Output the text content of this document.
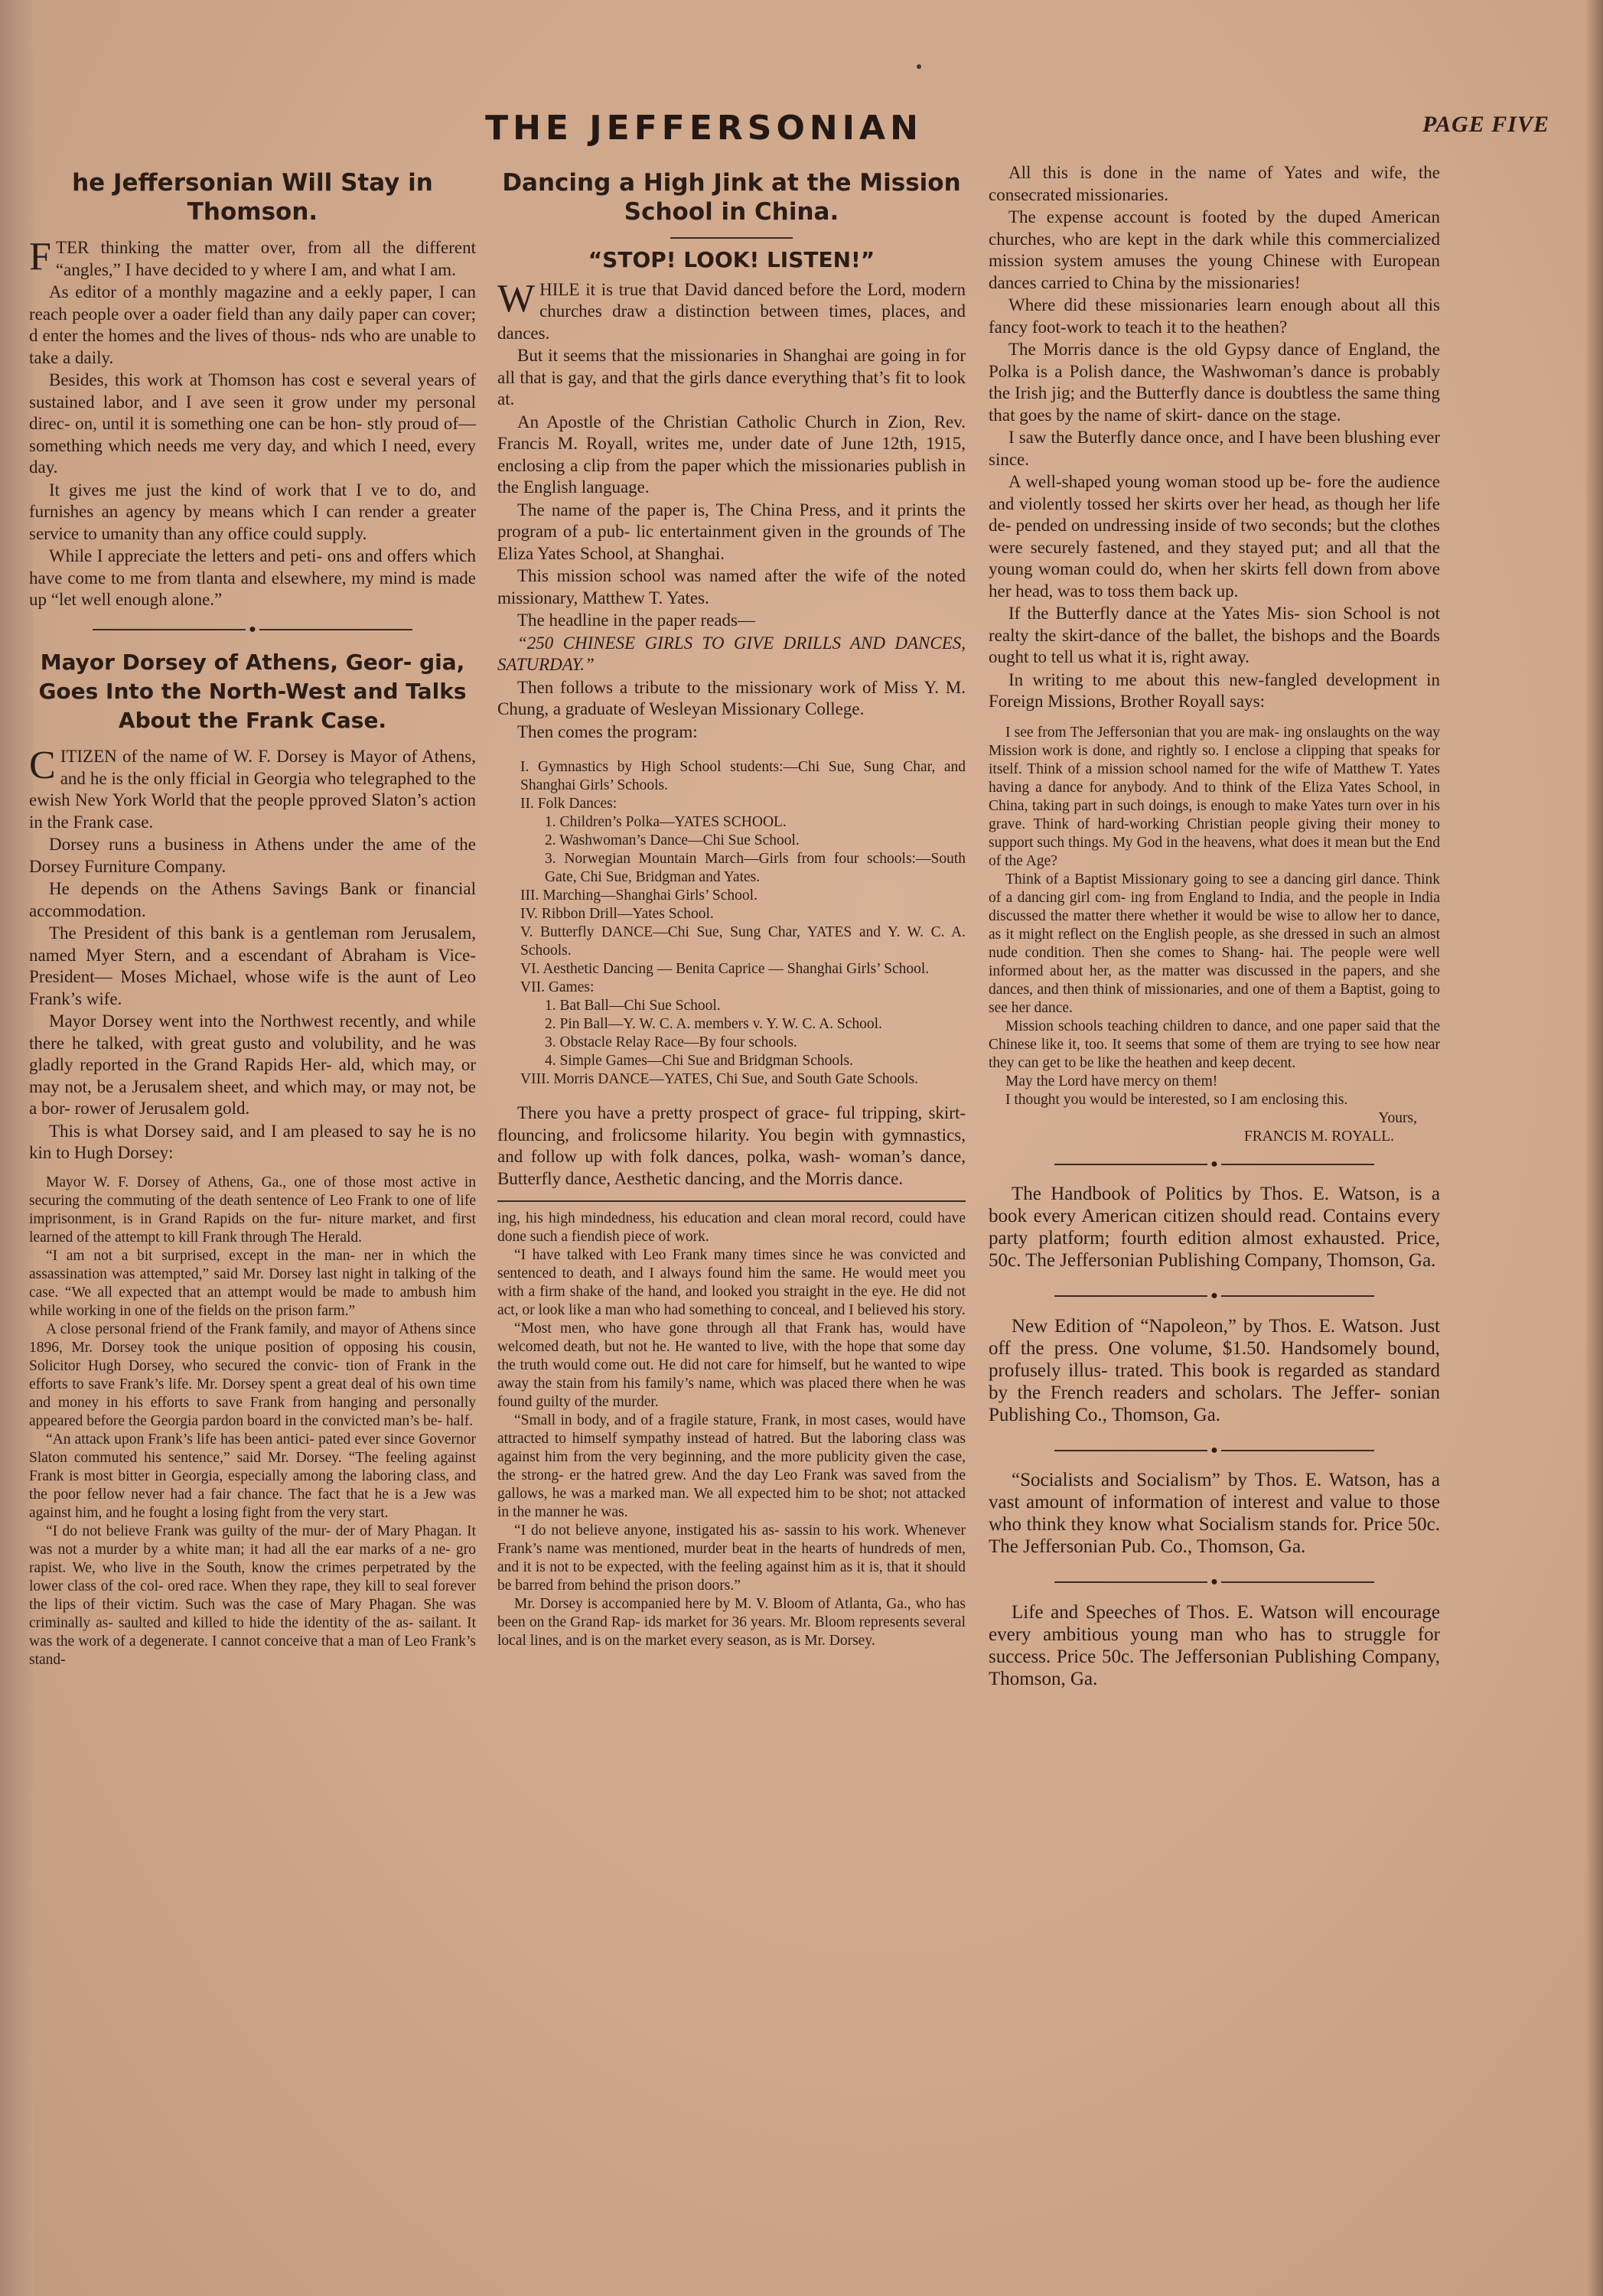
THE JEFFERSONIAN	PAGE FIVE
he Jeffersonian Will Stay in Thomson.

FTER thinking the matter over, from all the different “angles,” I have decided to y where I am, and what I am.

As editor of a monthly magazine and a eekly paper, I can reach people over a oader field than any daily paper can cover; d enter the homes and the lives of thous- nds who are unable to take a daily.

Besides, this work at Thomson has cost e several years of sustained labor, and I ave seen it grow under my personal direc- on, until it is something one can be hon- stly proud of—something which needs me very day, and which I need, every day.

It gives me just the kind of work that I ve to do, and furnishes an agency by means which I can render a greater service to umanity than any office could supply.

While I appreciate the letters and peti- ons and offers which have come to me from tlanta and elsewhere, my mind is made up “let well enough alone.”

●
Mayor Dorsey of Athens, Geor- gia, Goes Into the North-West and Talks About the Frank Case.

CITIZEN of the name of W. F. Dorsey is Mayor of Athens, and he is the only fficial in Georgia who telegraphed to the ewish New York World that the people pproved Slaton’s action in the Frank case.

Dorsey runs a business in Athens under the ame of the Dorsey Furniture Company.

He depends on the Athens Savings Bank or financial accommodation.

The President of this bank is a gentleman rom Jerusalem, named Myer Stern, and a escendant of Abraham is Vice-President— Moses Michael, whose wife is the aunt of Leo Frank’s wife.

Mayor Dorsey went into the Northwest recently, and while there he talked, with great gusto and volubility, and he was gladly reported in the Grand Rapids Her- ald, which may, or may not, be a Jerusalem sheet, and which may, or may not, be a bor- rower of Jerusalem gold.

This is what Dorsey said, and I am pleased to say he is no kin to Hugh Dorsey:

Mayor W. F. Dorsey of Athens, Ga., one of those most active in securing the commuting of the death sentence of Leo Frank to one of life imprisonment, is in Grand Rapids on the fur- niture market, and first learned of the attempt to kill Frank through The Herald.

“I am not a bit surprised, except in the man- ner in which the assassination was attempted,” said Mr. Dorsey last night in talking of the case. “We all expected that an attempt would be made to ambush him while working in one of the fields on the prison farm.”

A close personal friend of the Frank family, and mayor of Athens since 1896, Mr. Dorsey took the unique position of opposing his cousin, Solicitor Hugh Dorsey, who secured the convic- tion of Frank in the efforts to save Frank’s life. Mr. Dorsey spent a great deal of his own time and money in his efforts to save Frank from hanging and personally appeared before the Georgia pardon board in the convicted man’s be- half.

“An attack upon Frank’s life has been antici- pated ever since Governor Slaton commuted his sentence,” said Mr. Dorsey. “The feeling against Frank is most bitter in Georgia, especially among the laboring class, and the poor fellow never had a fair chance. The fact that he is a Jew was against him, and he fought a losing fight from the very start.

“I do not believe Frank was guilty of the mur- der of Mary Phagan. It was not a murder by a white man; it had all the ear marks of a ne- gro rapist. We, who live in the South, know the crimes perpetrated by the lower class of the col- ored race. When they rape, they kill to seal forever the lips of their victim. Such was the case of Mary Phagan. She was criminally as- saulted and killed to hide the identity of the as- sailant. It was the work of a degenerate. I cannot conceive that a man of Leo Frank’s stand-

Dancing a High Jink at the Mission School in China.
“STOP! LOOK! LISTEN!”

WHILE it is true that David danced before the Lord, modern churches draw a distinction between times, places, and dances.

But it seems that the missionaries in Shanghai are going in for all that is gay, and that the girls dance everything that’s fit to look at.

An Apostle of the Christian Catholic Church in Zion, Rev. Francis M. Royall, writes me, under date of June 12th, 1915, enclosing a clip from the paper which the missionaries publish in the English language.

The name of the paper is, The China Press, and it prints the program of a pub- lic entertainment given in the grounds of The Eliza Yates School, at Shanghai.

This mission school was named after the wife of the noted missionary, Matthew T. Yates.

The headline in the paper reads—

“250 CHINESE GIRLS TO GIVE DRILLS AND DANCES, SATURDAY.”

Then follows a tribute to the missionary work of Miss Y. M. Chung, a graduate of Wesleyan Missionary College.

Then comes the program:

I. Gymnastics by High School students:—Chi Sue, Sung Char, and Shanghai Girls’ Schools.
II. Folk Dances:
1. Children’s Polka—YATES SCHOOL.
2. Washwoman’s Dance—Chi Sue School.
3. Norwegian Mountain March—Girls from four schools:—South Gate, Chi Sue, Bridgman and Yates.
III. Marching—Shanghai Girls’ School.
IV. Ribbon Drill—Yates School.
V. Butterfly DANCE—Chi Sue, Sung Char, YATES and Y. W. C. A. Schools.
VI. Aesthetic Dancing — Benita Caprice — Shanghai Girls’ School.
VII. Games:
1. Bat Ball—Chi Sue School.
2. Pin Ball—Y. W. C. A. members v. Y. W. C. A. School.
3. Obstacle Relay Race—By four schools.
4. Simple Games—Chi Sue and Bridgman Schools.
VIII. Morris DANCE—YATES, Chi Sue, and South Gate Schools.

There you have a pretty prospect of grace- ful tripping, skirt-flouncing, and frolicsome hilarity. You begin with gymnastics, and follow up with folk dances, polka, wash- woman’s dance, Butterfly dance, Aesthetic dancing, and the Morris dance.

ing, his high mindedness, his education and clean moral record, could have done such a fiendish piece of work.

“I have talked with Leo Frank many times since he was convicted and sentenced to death, and I always found him the same. He would meet you with a firm shake of the hand, and looked you straight in the eye. He did not act, or look like a man who had something to conceal, and I believed his story.

“Most men, who have gone through all that Frank has, would have welcomed death, but not he. He wanted to live, with the hope that some day the truth would come out. He did not care for himself, but he wanted to wipe away the stain from his family’s name, which was placed there when he was found guilty of the murder.

“Small in body, and of a fragile stature, Frank, in most cases, would have attracted to himself sympathy instead of hatred. But the laboring class was against him from the very beginning, and the more publicity given the case, the strong- er the hatred grew. And the day Leo Frank was saved from the gallows, he was a marked man. We all expected him to be shot; not attacked in the manner he was.

“I do not believe anyone, instigated his as- sassin to his work. Whenever Frank’s name was mentioned, murder beat in the hearts of hundreds of men, and it is not to be expected, with the feeling against him as it is, that it should be barred from behind the prison doors.”

Mr. Dorsey is accompanied here by M. V. Bloom of Atlanta, Ga., who has been on the Grand Rap- ids market for 36 years. Mr. Bloom represents several local lines, and is on the market every season, as is Mr. Dorsey.

All this is done in the name of Yates and wife, the consecrated missionaries.

The expense account is footed by the duped American churches, who are kept in the dark while this commercialized mission system amuses the young Chinese with European dances carried to China by the missionaries!

Where did these missionaries learn enough about all this fancy foot-work to teach it to the heathen?

The Morris dance is the old Gypsy dance of England, the Polka is a Polish dance, the Washwoman’s dance is probably the Irish jig; and the Butterfly dance is doubtless the same thing that goes by the name of skirt- dance on the stage.

I saw the Buterfly dance once, and I have been blushing ever since.

A well-shaped young woman stood up be- fore the audience and violently tossed her skirts over her head, as though her life de- pended on undressing inside of two seconds; but the clothes were securely fastened, and they stayed put; and all that the young woman could do, when her skirts fell down from above her head, was to toss them back up.

If the Butterfly dance at the Yates Mis- sion School is not realty the skirt-dance of the ballet, the bishops and the Boards ought to tell us what it is, right away.

In writing to me about this new-fangled development in Foreign Missions, Brother Royall says:

I see from The Jeffersonian that you are mak- ing onslaughts on the way Mission work is done, and rightly so. I enclose a clipping that speaks for itself. Think of a mission school named for the wife of Matthew T. Yates having a dance for anybody. And to think of the Eliza Yates School, in China, taking part in such doings, is enough to make Yates turn over in his grave. Think of hard-working Christian people giving their money to support such things. My God in the heavens, what does it mean but the End of the Age?

Think of a Baptist Missionary going to see a dancing girl dance. Think of a dancing girl com- ing from England to India, and the people in India discussed the matter there whether it would be wise to allow her to dance, as it might reflect on the English people, as she dressed in such an almost nude condition. Then she comes to Shang- hai. The people were well informed about her, as the matter was discussed in the papers, and she dances, and then think of missionaries, and one of them a Baptist, going to see her dance.

Mission schools teaching children to dance, and one paper said that the Chinese like it, too. It seems that some of them are trying to see how near they can get to be like the heathen and keep decent.

May the Lord have mercy on them!

I thought you would be interested, so I am enclosing this.

Yours,
FRANCIS M. ROYALL.
●

The Handbook of Politics by Thos. E. Watson, is a book every American citizen should read. Contains every party platform; fourth edition almost exhausted. Price, 50c. The Jeffersonian Publishing Company, Thomson, Ga.

●

New Edition of “Napoleon,” by Thos. E. Watson. Just off the press. One volume, $1.50. Handsomely bound, profusely illus- trated. This book is regarded as standard by the French readers and scholars. The Jeffer- sonian Publishing Co., Thomson, Ga.

●

“Socialists and Socialism” by Thos. E. Watson, has a vast amount of information of interest and value to those who think they know what Socialism stands for. Price 50c. The Jeffersonian Pub. Co., Thomson, Ga.

●

Life and Speeches of Thos. E. Watson will encourage every ambitious young man who has to struggle for success. Price 50c. The Jeffersonian Publishing Company, Thomson, Ga.
